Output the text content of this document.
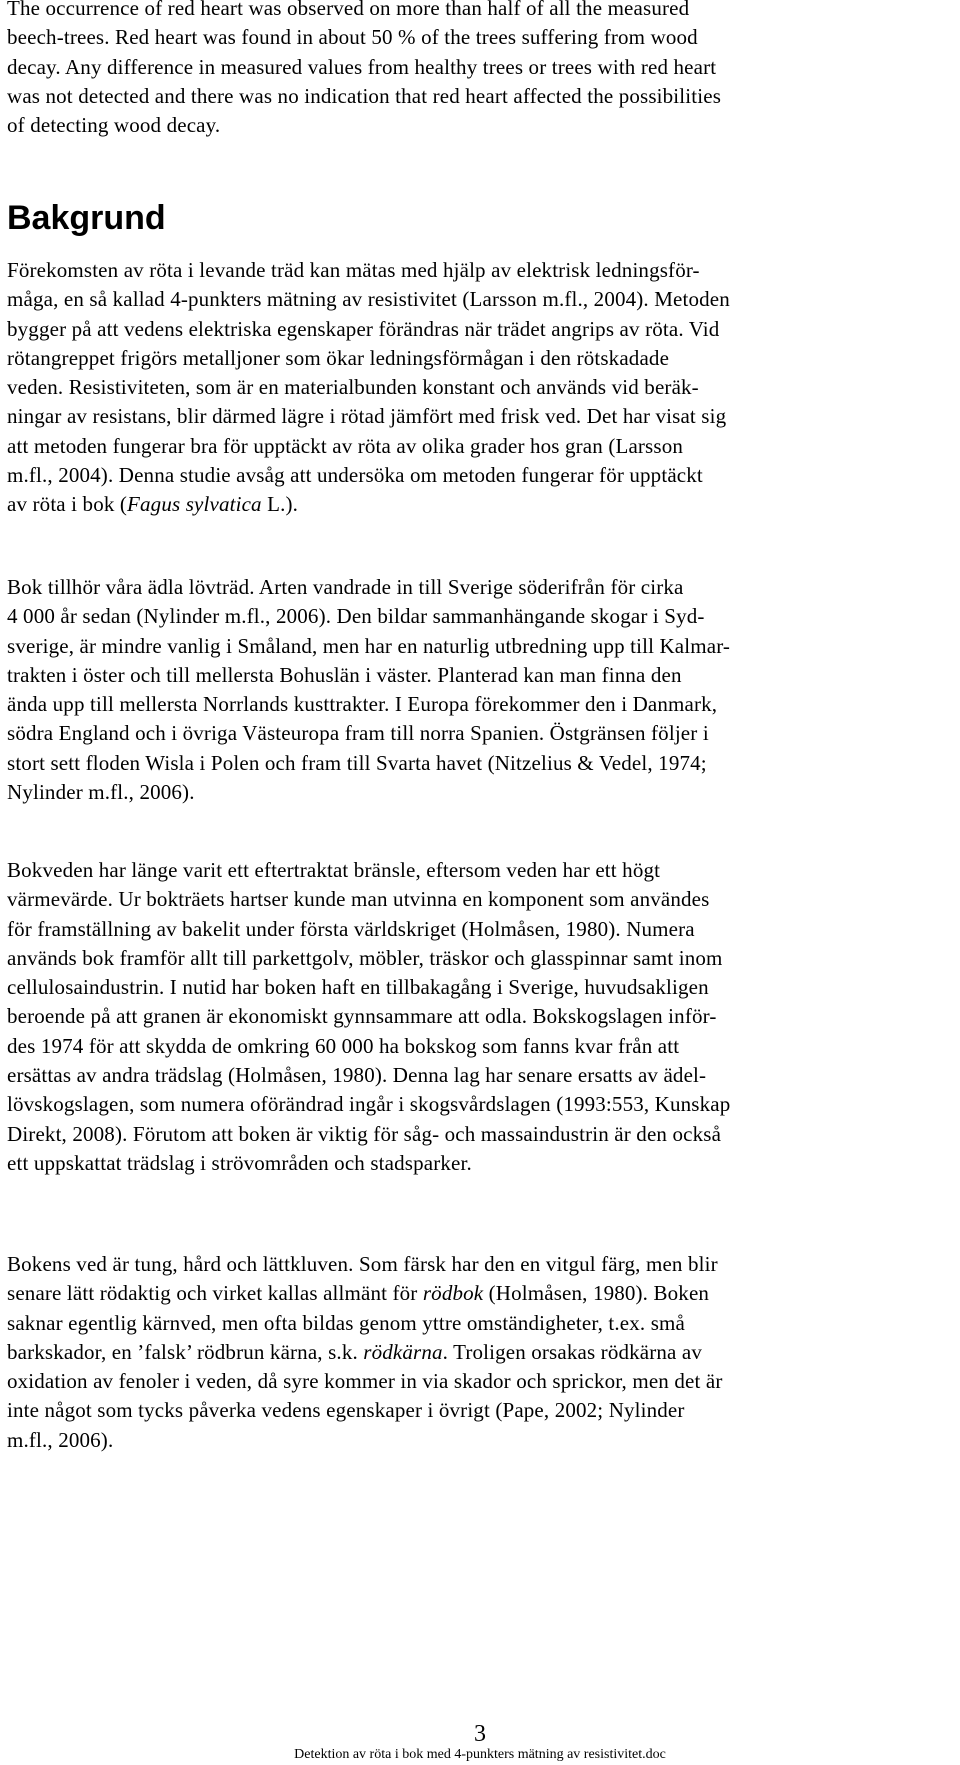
The occurrence of red heart was observed on more than half of all the measured
beech-trees. Red heart was found in about 50 % of the trees suffering from wood
decay. Any difference in measured values from healthy trees or trees with red heart
was not detected and there was no indication that red heart affected the possibilities
of detecting wood decay.

Bakgrund

Förekomsten av röta i levande träd kan mätas med hjälp av elektrisk ledningsför-
måga, en så kallad 4-punkters mätning av resistivitet (Larsson m.fl., 2004). Metoden
bygger på att vedens elektriska egenskaper förändras när trädet angrips av röta. Vid
rötangreppet frigörs metalljoner som ökar ledningsförmågan i den rötskadade
veden. Resistiviteten, som är en materialbunden konstant och används vid beräk-
ningar av resistans, blir därmed lägre i rötad jämfört med frisk ved. Det har visat sig
att metoden fungerar bra för upptäckt av röta av olika grader hos gran (Larsson
m.fl., 2004). Denna studie avsåg att undersöka om metoden fungerar för upptäckt
av röta i bok (Fagus sylvatica L.).

Bok tillhör våra ädla lövträd. Arten vandrade in till Sverige söderifrån för cirka
4 000 år sedan (Nylinder m.fl., 2006). Den bildar sammanhängande skogar i Syd-
sverige, är mindre vanlig i Småland, men har en naturlig utbredning upp till Kalmar-
trakten i öster och till mellersta Bohuslän i väster. Planterad kan man finna den
ända upp till mellersta Norrlands kusttrakter. I Europa förekommer den i Danmark,
södra England och i övriga Västeuropa fram till norra Spanien. Östgränsen följer i
stort sett floden Wisla i Polen och fram till Svarta havet (Nitzelius & Vedel, 1974;
Nylinder m.fl., 2006).

Bokveden har länge varit ett eftertraktat bränsle, eftersom veden har ett högt
värmevärde. Ur bokträets hartser kunde man utvinna en komponent som användes
för framställning av bakelit under första världskriget (Holmåsen, 1980). Numera
används bok framför allt till parkettgolv, möbler, träskor och glasspinnar samt inom
cellulosaindustrin. I nutid har boken haft en tillbakagång i Sverige, huvudsakligen
beroende på att granen är ekonomiskt gynnsammare att odla. Bokskogslagen inför-
des 1974 för att skydda de omkring 60 000 ha bokskog som fanns kvar från att
ersättas av andra trädslag (Holmåsen, 1980). Denna lag har senare ersatts av ädel-
lövskogslagen, som numera oförändrad ingår i skogsvårdslagen (1993:553, Kunskap
Direkt, 2008). Förutom att boken är viktig för såg- och massaindustrin är den också
ett uppskattat trädslag i strövområden och stadsparker.

Bokens ved är tung, hård och lättkluven. Som färsk har den en vitgul färg, men blir
senare lätt rödaktig och virket kallas allmänt för rödbok (Holmåsen, 1980). Boken
saknar egentlig kärnved, men ofta bildas genom yttre omständigheter, t.ex. små
barkskador, en ’falsk’ rödbrun kärna, s.k. rödkärna. Troligen orsakas rödkärna av
oxidation av fenoler i veden, då syre kommer in via skador och sprickor, men det är
inte något som tycks påverka vedens egenskaper i övrigt (Pape, 2002; Nylinder
m.fl., 2006).

3
Detektion av röta i bok med 4-punkters mätning av resistivitet.doc
